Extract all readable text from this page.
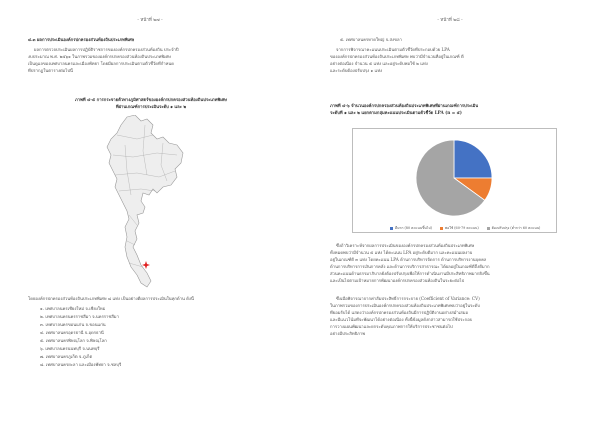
- หน้าที่ ๒๗ -
๔.๓ ผลการประเมินองค์กรปกครองส่วนท้องถิ่นประเภทพิเศษ
ผลการตรวจประเมินผลการปฏิบัติราชการขององค์กรปกครองส่วนท้องถิ่น ประจำปี
งบประมาณ พ.ศ. ๒๕๖๑ ในภาพรวมขององค์กรปกครองส่วนท้องถิ่นประเภทพิเศษ
เป็นดูแลของเทศบาลนครและเมืองพัทยา โดยมีผลการประเมินตามตัวชี้วัดที่กำหนด
ที่ปรากฏในตารางต่อไปนี้
ภาพที่ ๔-๕ การกระจายตัวทางภูมิศาสตร์ขององค์กรปกครองส่วนท้องถิ่นประเภทพิเศษ
ที่ผ่านเกณฑ์การประเมินระดับ ๑ และ ๒
โดยองค์กรปกครองส่วนท้องถิ่นประเภทพิเศษ ๘ แห่ง เป็นอย่างดีผลการประเมินในทุกด้าน ดังนี้
๑. เทศบาลนครเชียงใหม่ จ.เชียงใหม่
๒. เทศบาลนครนครราชสีมา จ.นครราชสีมา
๓. เทศบาลนครขอนแก่น จ.ขอนแก่น
๔. เทศบาลนครอุดรธานี จ.อุดรธานี
๕. เทศบาลนครพิษณุโลก จ.พิษณุโลก
๖. เทศบาลนครนนทบุรี จ.นนทบุรี
๗. เทศบาลนครภูเก็ต จ.ภูเก็ต
๘. เทศบาลนครยะลา และเมืองพัทยา จ.ชลบุรี
- หน้าที่ ๒๘ -
๕. เทศบาลนครหาดใหญ่ จ.สงขลา
จากการพิจารณาคะแนนประเมินตามตัวชี้วัดที่ประกอบด้วย LPA
ขององค์กรปกครองส่วนท้องถิ่นประเภทพิเศษ พบว่ามีจำนวนที่อยู่ในเกณฑ์ ดี
อย่างต่อเนื่อง จำนวน ๕ แห่ง และอยู่ระดับพอใช้ ๒ แห่ง
และระดับต้องปรับปรุง ๑ แห่ง
ภาพที่ ๔-๖ จำนวนองค์กรปกครองส่วนท้องถิ่นประเภทพิเศษที่ผ่านเกณฑ์การประเมิน
ระดับที่ ๑ และ ๒ แยกตามกลุ่มคะแนนประเมินตามตัวชี้วัด LPA (n = ๕)
ดีมาก (80 คะแนนขึ้นไป)	พอใช้ (60-79 คะแนน)	ต้องปรับปรุง (ต่ำกว่า 60 คะแนน)
ซึ่งถ้าวิเคราะห์จากผลการประเมินขององค์กรปกครองส่วนท้องถิ่นประเภทพิเศษ
ทั้งหมดพบว่ามีจำนวน ๕ แห่ง ได้คะแนน LPA อยู่ระดับดีมาก และคะแนนผลงาน
อยู่ในเกณฑ์ดี ๓ แห่ง โดยคะแนน LPA ด้านการบริหารจัดการ ด้านการบริหารงานบุคคล
ด้านการบริหารการเงินการคลัง และด้านการบริการสาธารณะ ได้ผลอยู่ในเกณฑ์ดีถึงดีมาก
ส่วนคะแนนด้านธรรมาภิบาลยังต้องปรับปรุงเพื่อให้การดำเนินงานมีประสิทธิภาพมากยิ่งขึ้น
และเป็นไปตามเป้าหมายการพัฒนาองค์กรปกครองส่วนท้องถิ่นในระยะต่อไป
ซึ่งเมื่อพิจารณาจากค่าสัมประสิทธิ์การกระจาย (Coefficient of Variance: CV)
ในภาพรวมของการประเมินองค์กรปกครองส่วนท้องถิ่นประเภทพิเศษพบว่าอยู่ในระดับ
ที่ยอมรับได้ แสดงว่าองค์กรปกครองส่วนท้องถิ่นมีการปฏิบัติงานอย่างสม่ำเสมอ
และมีแนวโน้มที่จะพัฒนาได้อย่างต่อเนื่อง ทั้งนี้ข้อมูลดังกล่าวสามารถใช้ประกอบ
การวางแผนพัฒนาและยกระดับคุณภาพการให้บริการประชาชนต่อไป
อย่างมีประสิทธิภาพ
